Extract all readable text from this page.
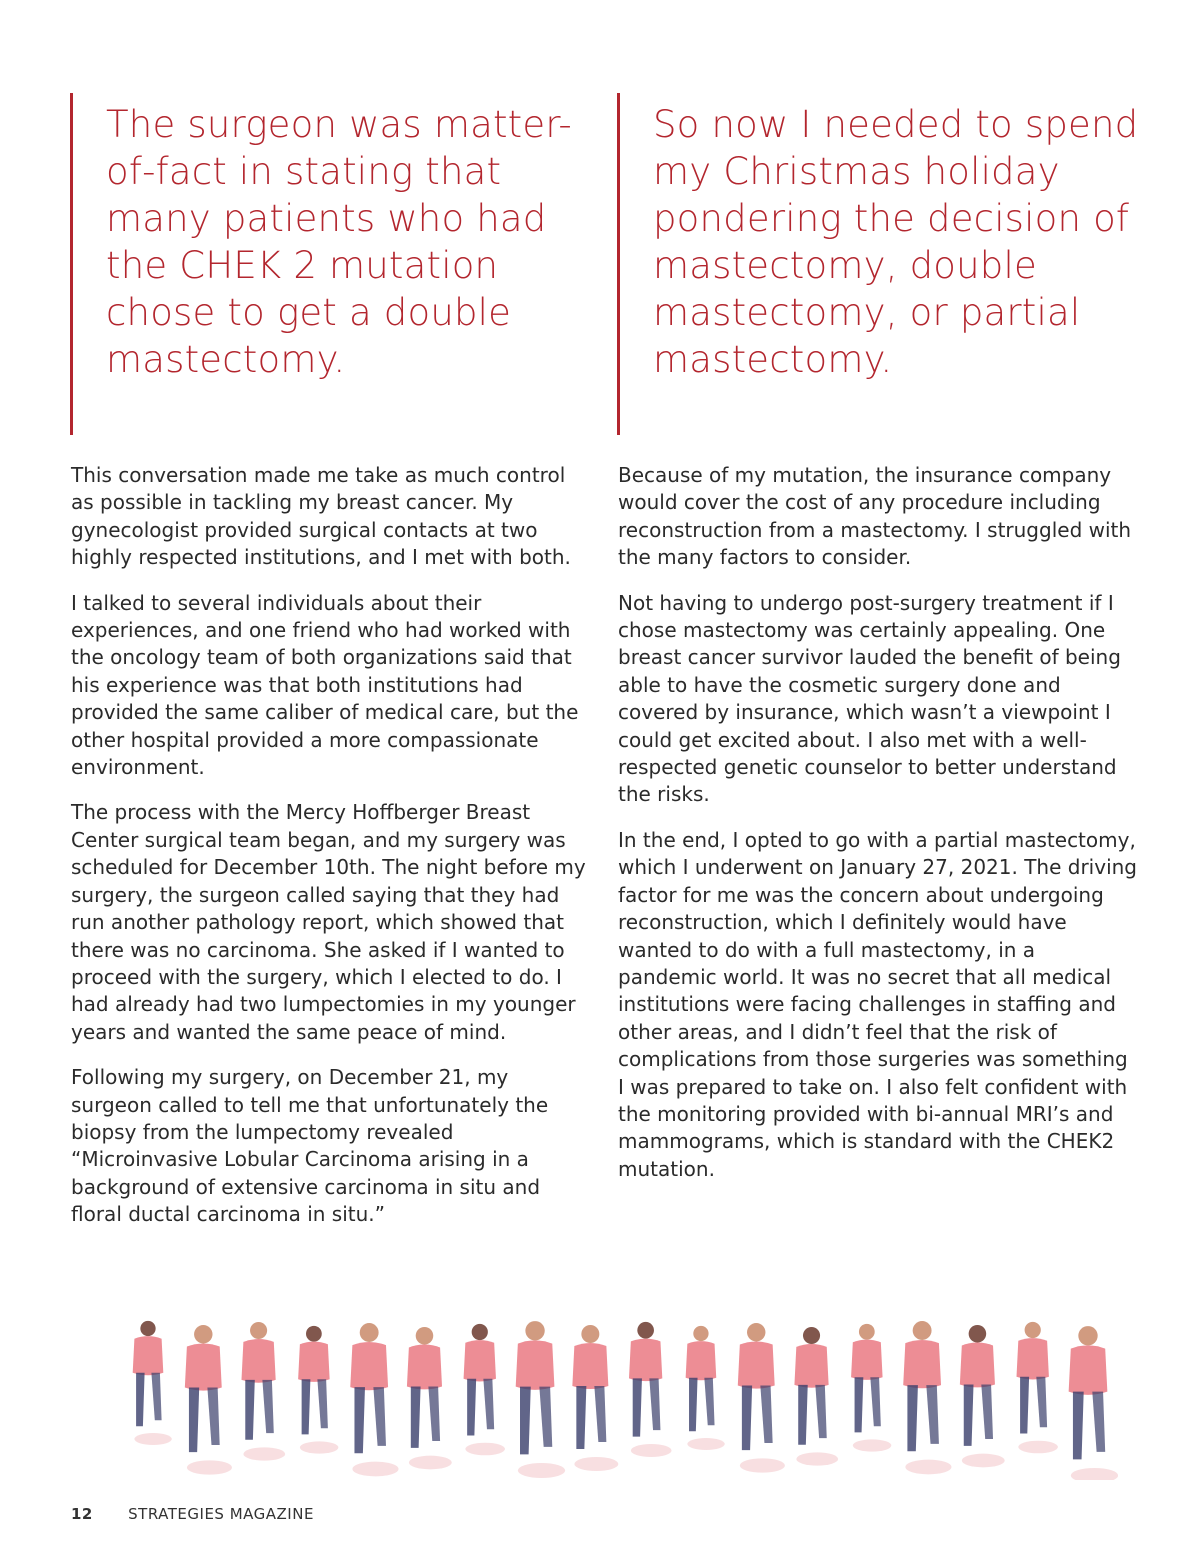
The surgeon was matter-of-fact in stating that many patients who had the CHEK 2 mutation chose to get a double mastectomy.

So now I needed to spend my Christmas holiday pondering the decision of mastectomy, double mastectomy, or partial mastectomy.

This conversation made me take as much control as possible in tackling my breast cancer. My gynecologist provided surgical contacts at two highly respected institutions, and I met with both.

I talked to several individuals about their experiences, and one friend who had worked with the oncology team of both organizations said that his experience was that both institutions had provided the same caliber of medical care, but the other hospital provided a more compassionate environment.

The process with the Mercy Hoffberger Breast Center surgical team began, and my surgery was scheduled for December 10th. The night before my surgery, the surgeon called saying that they had run another pathology report, which showed that there was no carcinoma. She asked if I wanted to proceed with the surgery, which I elected to do. I had already had two lumpectomies in my younger years and wanted the same peace of mind.

Following my surgery, on December 21, my surgeon called to tell me that unfortunately the biopsy from the lumpectomy revealed “Microinvasive Lobular Carcinoma arising in a background of extensive carcinoma in situ and floral ductal carcinoma in situ.”

Because of my mutation, the insurance company would cover the cost of any procedure including reconstruction from a mastectomy. I struggled with the many factors to consider.

Not having to undergo post-surgery treatment if I chose mastectomy was certainly appealing. One breast cancer survivor lauded the benefit of being able to have the cosmetic surgery done and covered by insurance, which wasn’t a viewpoint I could get excited about. I also met with a well-respected genetic counselor to better understand the risks.

In the end, I opted to go with a partial mastectomy, which I underwent on January 27, 2021. The driving factor for me was the concern about undergoing reconstruction, which I definitely would have wanted to do with a full mastectomy, in a pandemic world. It was no secret that all medical institutions were facing challenges in staffing and other areas, and I didn’t feel that the risk of complications from those surgeries was something I was prepared to take on. I also felt confident with the monitoring provided with bi-annual MRI’s and mammograms, which is standard with the CHEK2 mutation.

12 STRATEGIES MAGAZINE
